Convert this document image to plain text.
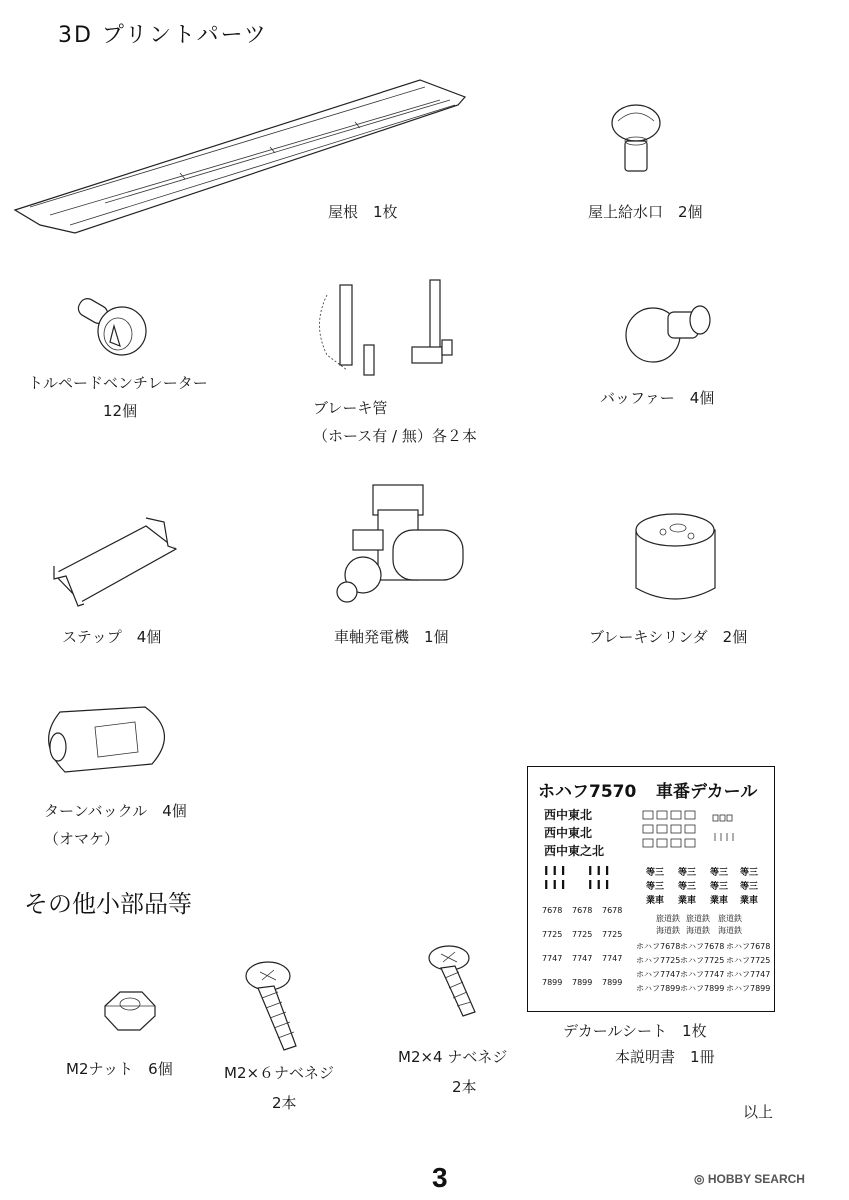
3D プリントパーツ
その他小部品等
屋根　1枚	屋上給水口　2個
トルペードベンチレーター
12個	ブレーキ管
（ホース有 / 無）各２本
バッファー　4個
ステップ　4個	車軸発電機　1個	ブレーキシリンダ　2個
ターンバックル　4個
（オマケ）
M2ナット　6個	M2×６ナベネジ
2本
M2×4 ナベネジ
2本
ホハフ7570 車番デカール
西中東北
西中東北
西中東之北
III III
III III
等三 等三 等三 等三
等三 等三 等三 等三
業車 業車 業車 業車
7678 7678 7678
7725 7725 7725
7747 7747 7747
7899 7899 7899
旅道鉄 旅道鉄 旅道鉄
海道鉄 海道鉄 海道鉄
ホハフ7678 ホハフ7678 ホハフ7678
ホハフ7725 ホハフ7725 ホハフ7725
ホハフ7747 ホハフ7747 ホハフ7747
ホハフ7899 ホハフ7899 ホハフ7899
デカールシート　1枚
本説明書　1冊
以上
3	◎ HOBBY SEARCH
